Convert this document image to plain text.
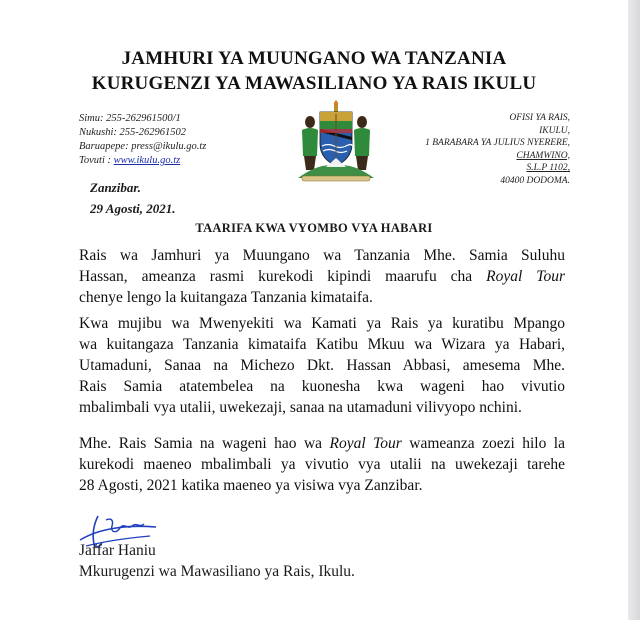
JAMHURI YA MUUNGANO WA TANZANIA
KURUGENZI YA MAWASILIANO YA RAIS IKULU
Simu: 255-262961500/1
Nukushi: 255-262961502
Baruapepe: press@ikulu.go.tz
Tovuti : www.ikulu.go.tz
OFISI YA RAIS,
IKULU,
1 BARABARA YA JULIUS NYERERE,
CHAMWINO,
S.L.P 1102,
40400 DODOMA.
Zanzibar.
29 Agosti, 2021.
TAARIFA KWA VYOMBO VYA HABARI
Rais wa Jamhuri ya Muungano wa Tanzania Mhe. Samia Suluhu
Hassan, ameanza rasmi kurekodi kipindi maarufu cha Royal Tour
chenye lengo la kuitangaza Tanzania kimataifa.
Kwa mujibu wa Mwenyekiti wa Kamati ya Rais ya kuratibu Mpango
wa kuitangaza Tanzania kimataifa Katibu Mkuu wa Wizara ya Habari,
Utamaduni, Sanaa na Michezo Dkt. Hassan Abbasi, amesema Mhe.
Rais Samia atatembelea na kuonesha kwa wageni hao vivutio
mbalimbali vya utalii, uwekezaji, sanaa na utamaduni vilivyopo nchini.
Mhe. Rais Samia na wageni hao wa Royal Tour wameanza zoezi hilo la
kurekodi maeneo mbalimbali ya vivutio vya utalii na uwekezaji tarehe
28 Agosti, 2021 katika maeneo ya visiwa vya Zanzibar.
Jaffar Haniu
Mkurugenzi wa Mawasiliano ya Rais, Ikulu.
